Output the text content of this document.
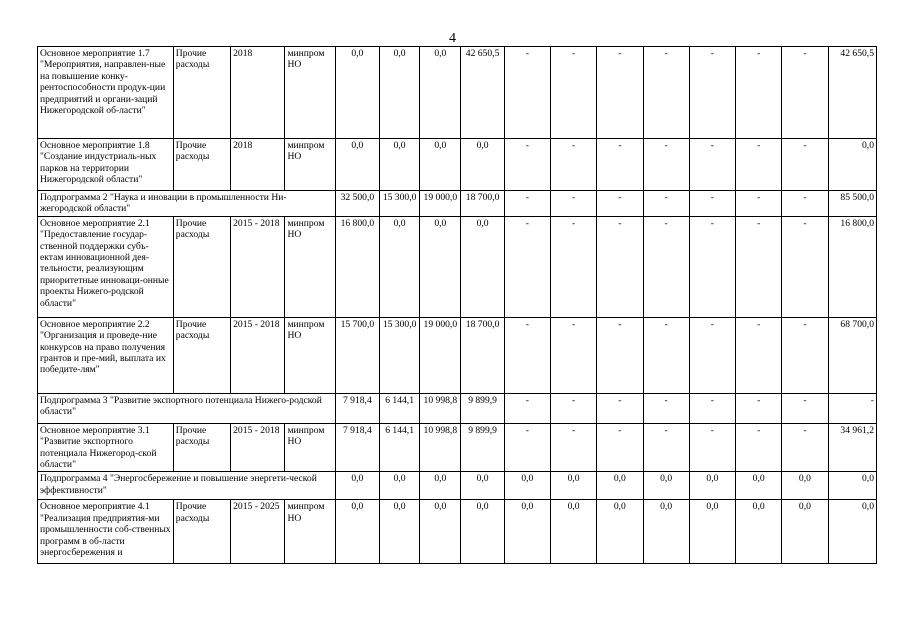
4
Основное мероприятие 1.7 "Мероприятия, направлен-ные на повышение конку-рентоспособности продук-ции предприятий и органи-заций Нижегородской об-ласти"	Прочие расходы	2018	минпром НО	0,0	0,0	0,0	42 650,5	-	-	-	-	-	-	-	42 650,5
Основное мероприятие 1.8 "Создание индустриаль-ных парков на территории Нижегородской области"	Прочие расходы	2018	минпром НО	0,0	0,0	0,0	0,0	-	-	-	-	-	-	-	0,0
Подпрограмма 2 "Наука и иновации в промышленности Ни-жегородской области"				32 500,0	15 300,0	19 000,0	18 700,0	-	-	-	-	-	-	-	85 500,0
Основное мероприятие 2.1 "Предоставление государ-ственной поддержки субъ-ектам инновационной дея-тельности, реализующим приоритетные инноваци-онные проекты Нижего-родской области"	Прочие расходы	2015 - 2018	минпром НО	16 800,0	0,0	0,0	0,0	-	-	-	-	-	-	-	16 800,0
Основное мероприятие 2.2 "Организация и проведе-ние конкурсов на право получения грантов и пре-мий, выплата их победите-лям"	Прочие расходы	2015 - 2018	минпром НО	15 700,0	15 300,0	19 000,0	18 700,0	-	-	-	-	-	-	-	68 700,0
Подпрограмма 3 "Развитие экспортного потенциала Нижего-родской области"				7 918,4	6 144,1	10 998,8	9 899,9	-	-	-	-	-	-	-	-
Основное мероприятие 3.1 "Развитие экспортного потенциала Нижегород-ской области"	Прочие расходы	2015 - 2018	минпром НО	7 918,4	6 144,1	10 998,8	9 899,9	-	-	-	-	-	-	-	34 961,2
Подпрограмма 4 "Энергосбережение и повышение энергети-ческой эффективности"				0,0	0,0	0,0	0,0	0,0	0,0	0,0	0,0	0,0	0,0	0,0	0,0
Основное мероприятие 4.1 "Реализация предприятия-ми промышленности соб-ственных программ в об-ласти энергосбережения и	Прочие расходы	2015 - 2025	минпром НО	0,0	0,0	0,0	0,0	0,0	0,0	0,0	0,0	0,0	0,0	0,0	0,0
